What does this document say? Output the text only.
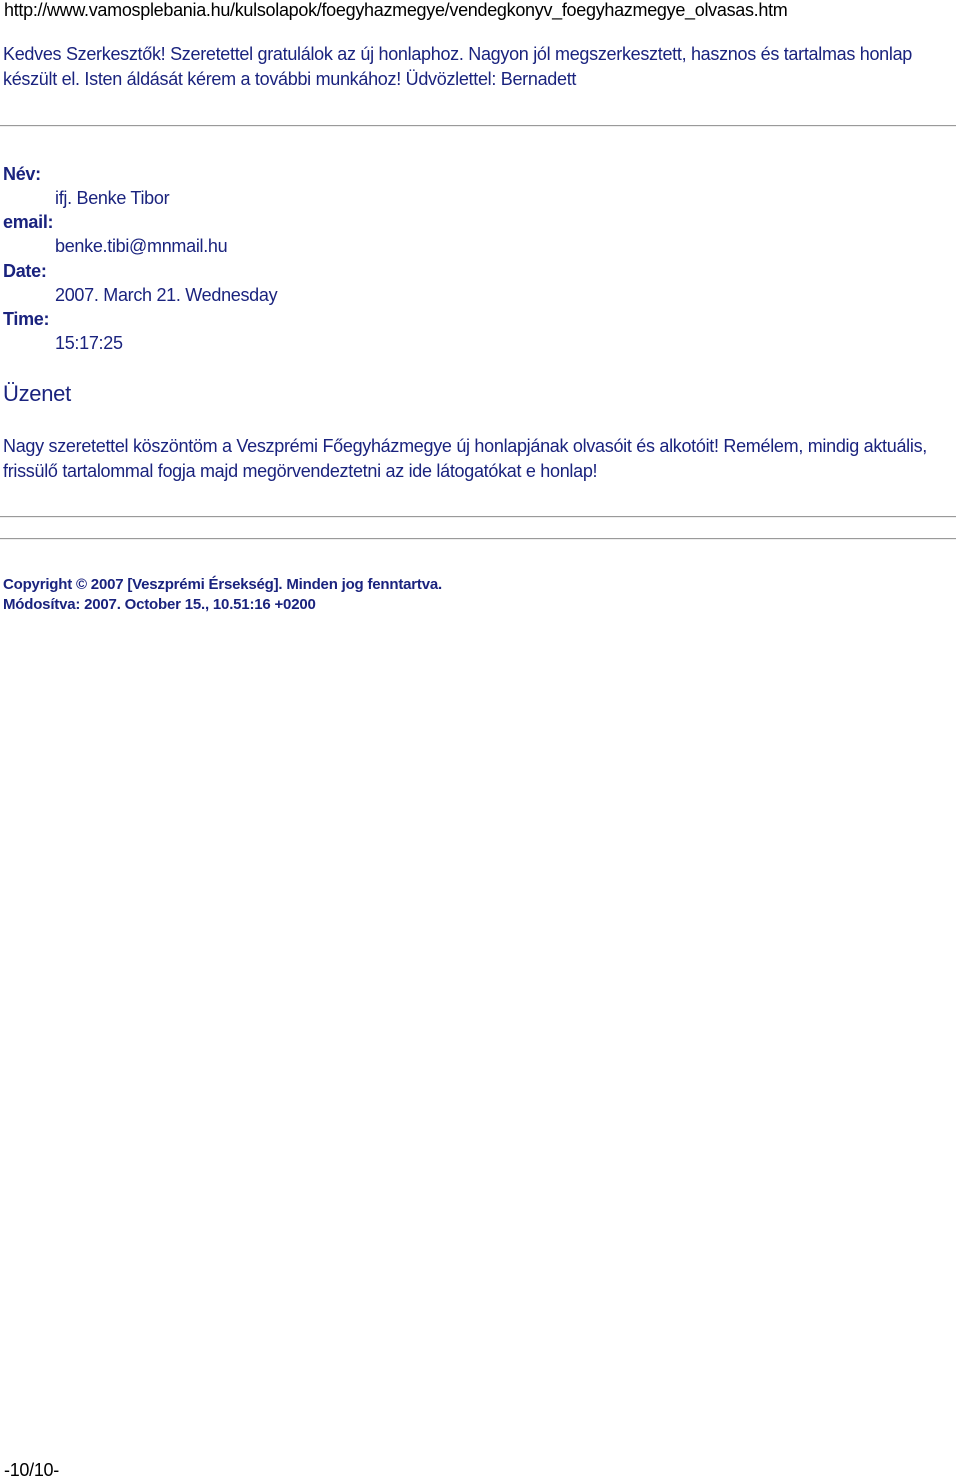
http://www.vamosplebania.hu/kulsolapok/foegyhazmegye/vendegkonyv_foegyhazmegye_olvasas.htm
Kedves Szerkesztők! Szeretettel gratulálok az új honlaphoz. Nagyon jól megszerkesztett, hasznos és tartalmas honlap készült el. Isten áldását kérem a további munkához! Üdvözlettel: Bernadett
Név:
ifj. Benke Tibor
email:
benke.tibi@mnmail.hu
Date:
2007. March 21. Wednesday
Time:
15:17:25
Üzenet
Nagy szeretettel köszöntöm a Veszprémi Főegyházmegye új honlapjának olvasóit és alkotóit! Remélem, mindig aktuális, frissülő tartalommal fogja majd megörvendeztetni az ide látogatókat e honlap!
Copyright © 2007 [Veszprémi Érsekség]. Minden jog fenntartva.
Módosítva: 2007. October 15., 10.51:16 +0200
-10/10-
